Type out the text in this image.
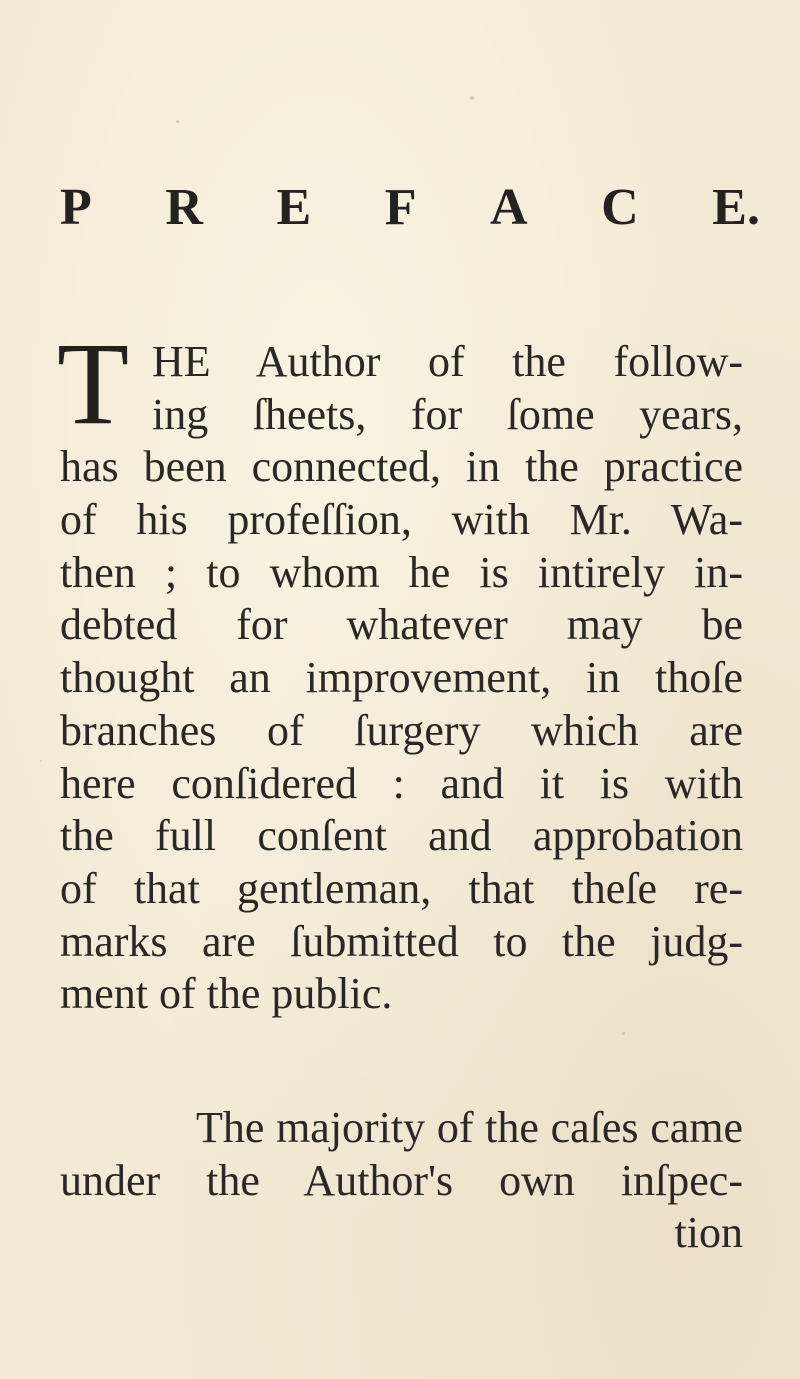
P R E F A C E.
T HE Author of the follow-
ing ſheets, for ſome years,
has been connected, in the practice
of his profeſſion, with Mr. Wa-
then ; to whom he is intirely in-
debted for whatever may be
thought an improvement, in thoſe
branches of ſurgery which are
here conſidered : and it is with
the full conſent and approbation
of that gentleman, that theſe re-
marks are ſubmitted to the judg-
ment of the public.
The majority of the caſes came
under the Author's own inſpec-
tion
